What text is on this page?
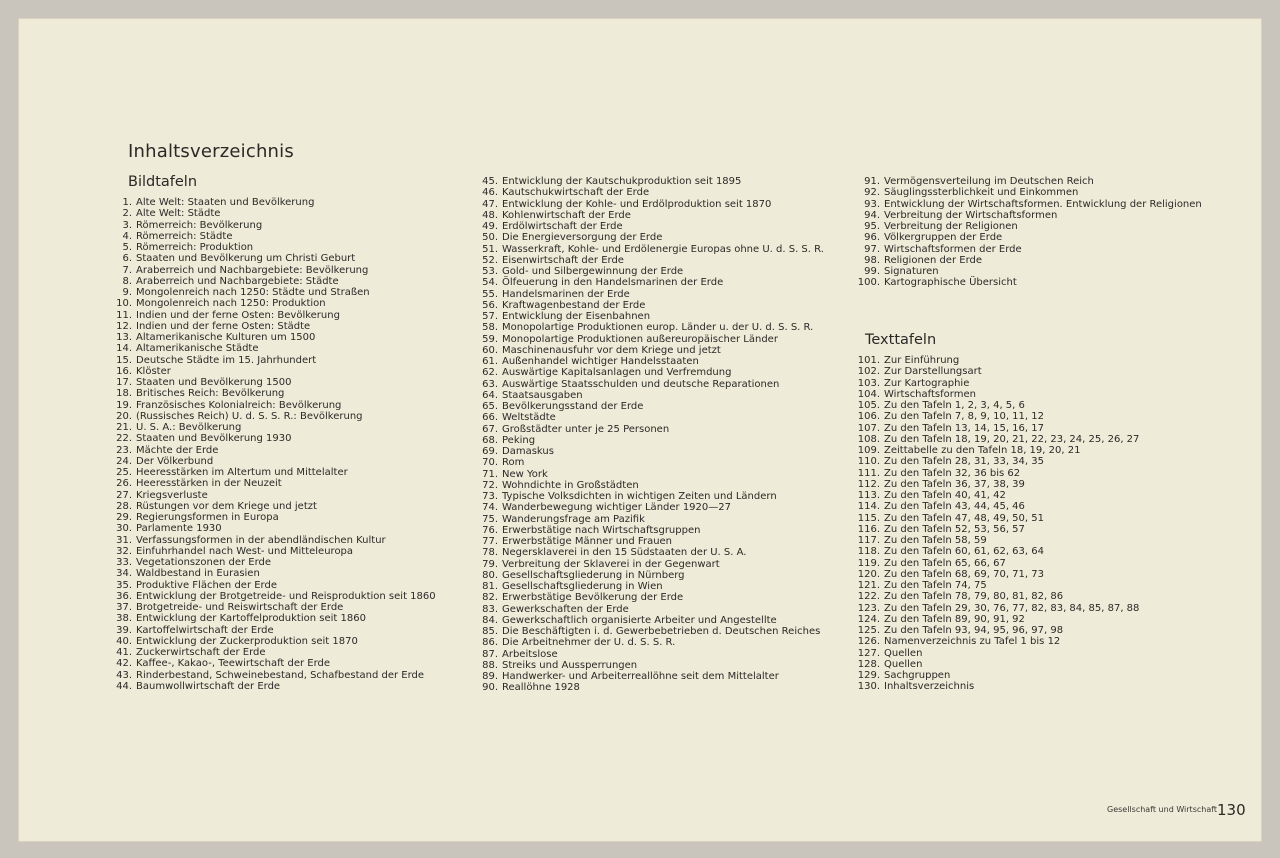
Inhaltsverzeichnis
Bildtafeln
Texttafeln
1. Alte Welt: Staaten und Bevölkerung
2. Alte Welt: Städte
3. Römerreich: Bevölkerung
4. Römerreich: Städte
5. Römerreich: Produktion
6. Staaten und Bevölkerung um Christi Geburt
7. Araberreich und Nachbargebiete: Bevölkerung
8. Araberreich und Nachbargebiete: Städte
9. Mongolenreich nach 1250: Städte und Straßen
10. Mongolenreich nach 1250: Produktion
11. Indien und der ferne Osten: Bevölkerung
12. Indien und der ferne Osten: Städte
13. Altamerikanische Kulturen um 1500
14. Altamerikanische Städte
15. Deutsche Städte im 15. Jahrhundert
16. Klöster
17. Staaten und Bevölkerung 1500
18. Britisches Reich: Bevölkerung
19. Französisches Kolonialreich: Bevölkerung
20. (Russisches Reich) U. d. S. S. R.: Bevölkerung
21. U. S. A.: Bevölkerung
22. Staaten und Bevölkerung 1930
23. Mächte der Erde
24. Der Völkerbund
25. Heeresstärken im Altertum und Mittelalter
26. Heeresstärken in der Neuzeit
27. Kriegsverluste
28. Rüstungen vor dem Kriege und jetzt
29. Regierungsformen in Europa
30. Parlamente 1930
31. Verfassungsformen in der abendländischen Kultur
32. Einfuhrhandel nach West- und Mitteleuropa
33. Vegetationszonen der Erde
34. Waldbestand in Eurasien
35. Produktive Flächen der Erde
36. Entwicklung der Brotgetreide- und Reisproduktion seit 1860
37. Brotgetreide- und Reiswirtschaft der Erde
38. Entwicklung der Kartoffelproduktion seit 1860
39. Kartoffelwirtschaft der Erde
40. Entwicklung der Zuckerproduktion seit 1870
41. Zuckerwirtschaft der Erde
42. Kaffee-, Kakao-, Teewirtschaft der Erde
43. Rinderbestand, Schweinebestand, Schafbestand der Erde
44. Baumwollwirtschaft der Erde
45. Entwicklung der Kautschukproduktion seit 1895
46. Kautschukwirtschaft der Erde
47. Entwicklung der Kohle- und Erdölproduktion seit 1870
48. Kohlenwirtschaft der Erde
49. Erdölwirtschaft der Erde
50. Die Energieversorgung der Erde
51. Wasserkraft, Kohle- und Erdölenergie Europas ohne U. d. S. S. R.
52. Eisenwirtschaft der Erde
53. Gold- und Silbergewinnung der Erde
54. Ölfeuerung in den Handelsmarinen der Erde
55. Handelsmarinen der Erde
56. Kraftwagenbestand der Erde
57. Entwicklung der Eisenbahnen
58. Monopolartige Produktionen europ. Länder u. der U. d. S. S. R.
59. Monopolartige Produktionen außereuropäischer Länder
60. Maschinenausfuhr vor dem Kriege und jetzt
61. Außenhandel wichtiger Handelsstaaten
62. Auswärtige Kapitalsanlagen und Verfremdung
63. Auswärtige Staatsschulden und deutsche Reparationen
64. Staatsausgaben
65. Bevölkerungsstand der Erde
66. Weltstädte
67. Großstädter unter je 25 Personen
68. Peking
69. Damaskus
70. Rom
71. New York
72. Wohndichte in Großstädten
73. Typische Volksdichten in wichtigen Zeiten und Ländern
74. Wanderbewegung wichtiger Länder 1920—27
75. Wanderungsfrage am Pazifik
76. Erwerbstätige nach Wirtschaftsgruppen
77. Erwerbstätige Männer und Frauen
78. Negersklaverei in den 15 Südstaaten der U. S. A.
79. Verbreitung der Sklaverei in der Gegenwart
80. Gesellschaftsgliederung in Nürnberg
81. Gesellschaftsgliederung in Wien
82. Erwerbstätige Bevölkerung der Erde
83. Gewerkschaften der Erde
84. Gewerkschaftlich organisierte Arbeiter und Angestellte
85. Die Beschäftigten i. d. Gewerbebetrieben d. Deutschen Reiches
86. Die Arbeitnehmer der U. d. S. S. R.
87. Arbeitslose
88. Streiks und Aussperrungen
89. Handwerker- und Arbeiterreallöhne seit dem Mittelalter
90. Reallöhne 1928
91. Vermögensverteilung im Deutschen Reich
92. Säuglingssterblichkeit und Einkommen
93. Entwicklung der Wirtschaftsformen. Entwicklung der Religionen
94. Verbreitung der Wirtschaftsformen
95. Verbreitung der Religionen
96. Völkergruppen der Erde
97. Wirtschaftsformen der Erde
98. Religionen der Erde
99. Signaturen
100. Kartographische Übersicht
101. Zur Einführung
102. Zur Darstellungsart
103. Zur Kartographie
104. Wirtschaftsformen
105. Zu den Tafeln 1, 2, 3, 4, 5, 6
106. Zu den Tafeln 7, 8, 9, 10, 11, 12
107. Zu den Tafeln 13, 14, 15, 16, 17
108. Zu den Tafeln 18, 19, 20, 21, 22, 23, 24, 25, 26, 27
109. Zeittabelle zu den Tafeln 18, 19, 20, 21
110. Zu den Tafeln 28, 31, 33, 34, 35
111. Zu den Tafeln 32, 36 bis 62
112. Zu den Tafeln 36, 37, 38, 39
113. Zu den Tafeln 40, 41, 42
114. Zu den Tafeln 43, 44, 45, 46
115. Zu den Tafeln 47, 48, 49, 50, 51
116. Zu den Tafeln 52, 53, 56, 57
117. Zu den Tafeln 58, 59
118. Zu den Tafeln 60, 61, 62, 63, 64
119. Zu den Tafeln 65, 66, 67
120. Zu den Tafeln 68, 69, 70, 71, 73
121. Zu den Tafeln 74, 75
122. Zu den Tafeln 78, 79, 80, 81, 82, 86
123. Zu den Tafeln 29, 30, 76, 77, 82, 83, 84, 85, 87, 88
124. Zu den Tafeln 89, 90, 91, 92
125. Zu den Tafeln 93, 94, 95, 96, 97, 98
126. Namenverzeichnis zu Tafel 1 bis 12
127. Quellen
128. Quellen
129. Sachgruppen
130. Inhaltsverzeichnis
Gesellschaft und Wirtschaft 130
